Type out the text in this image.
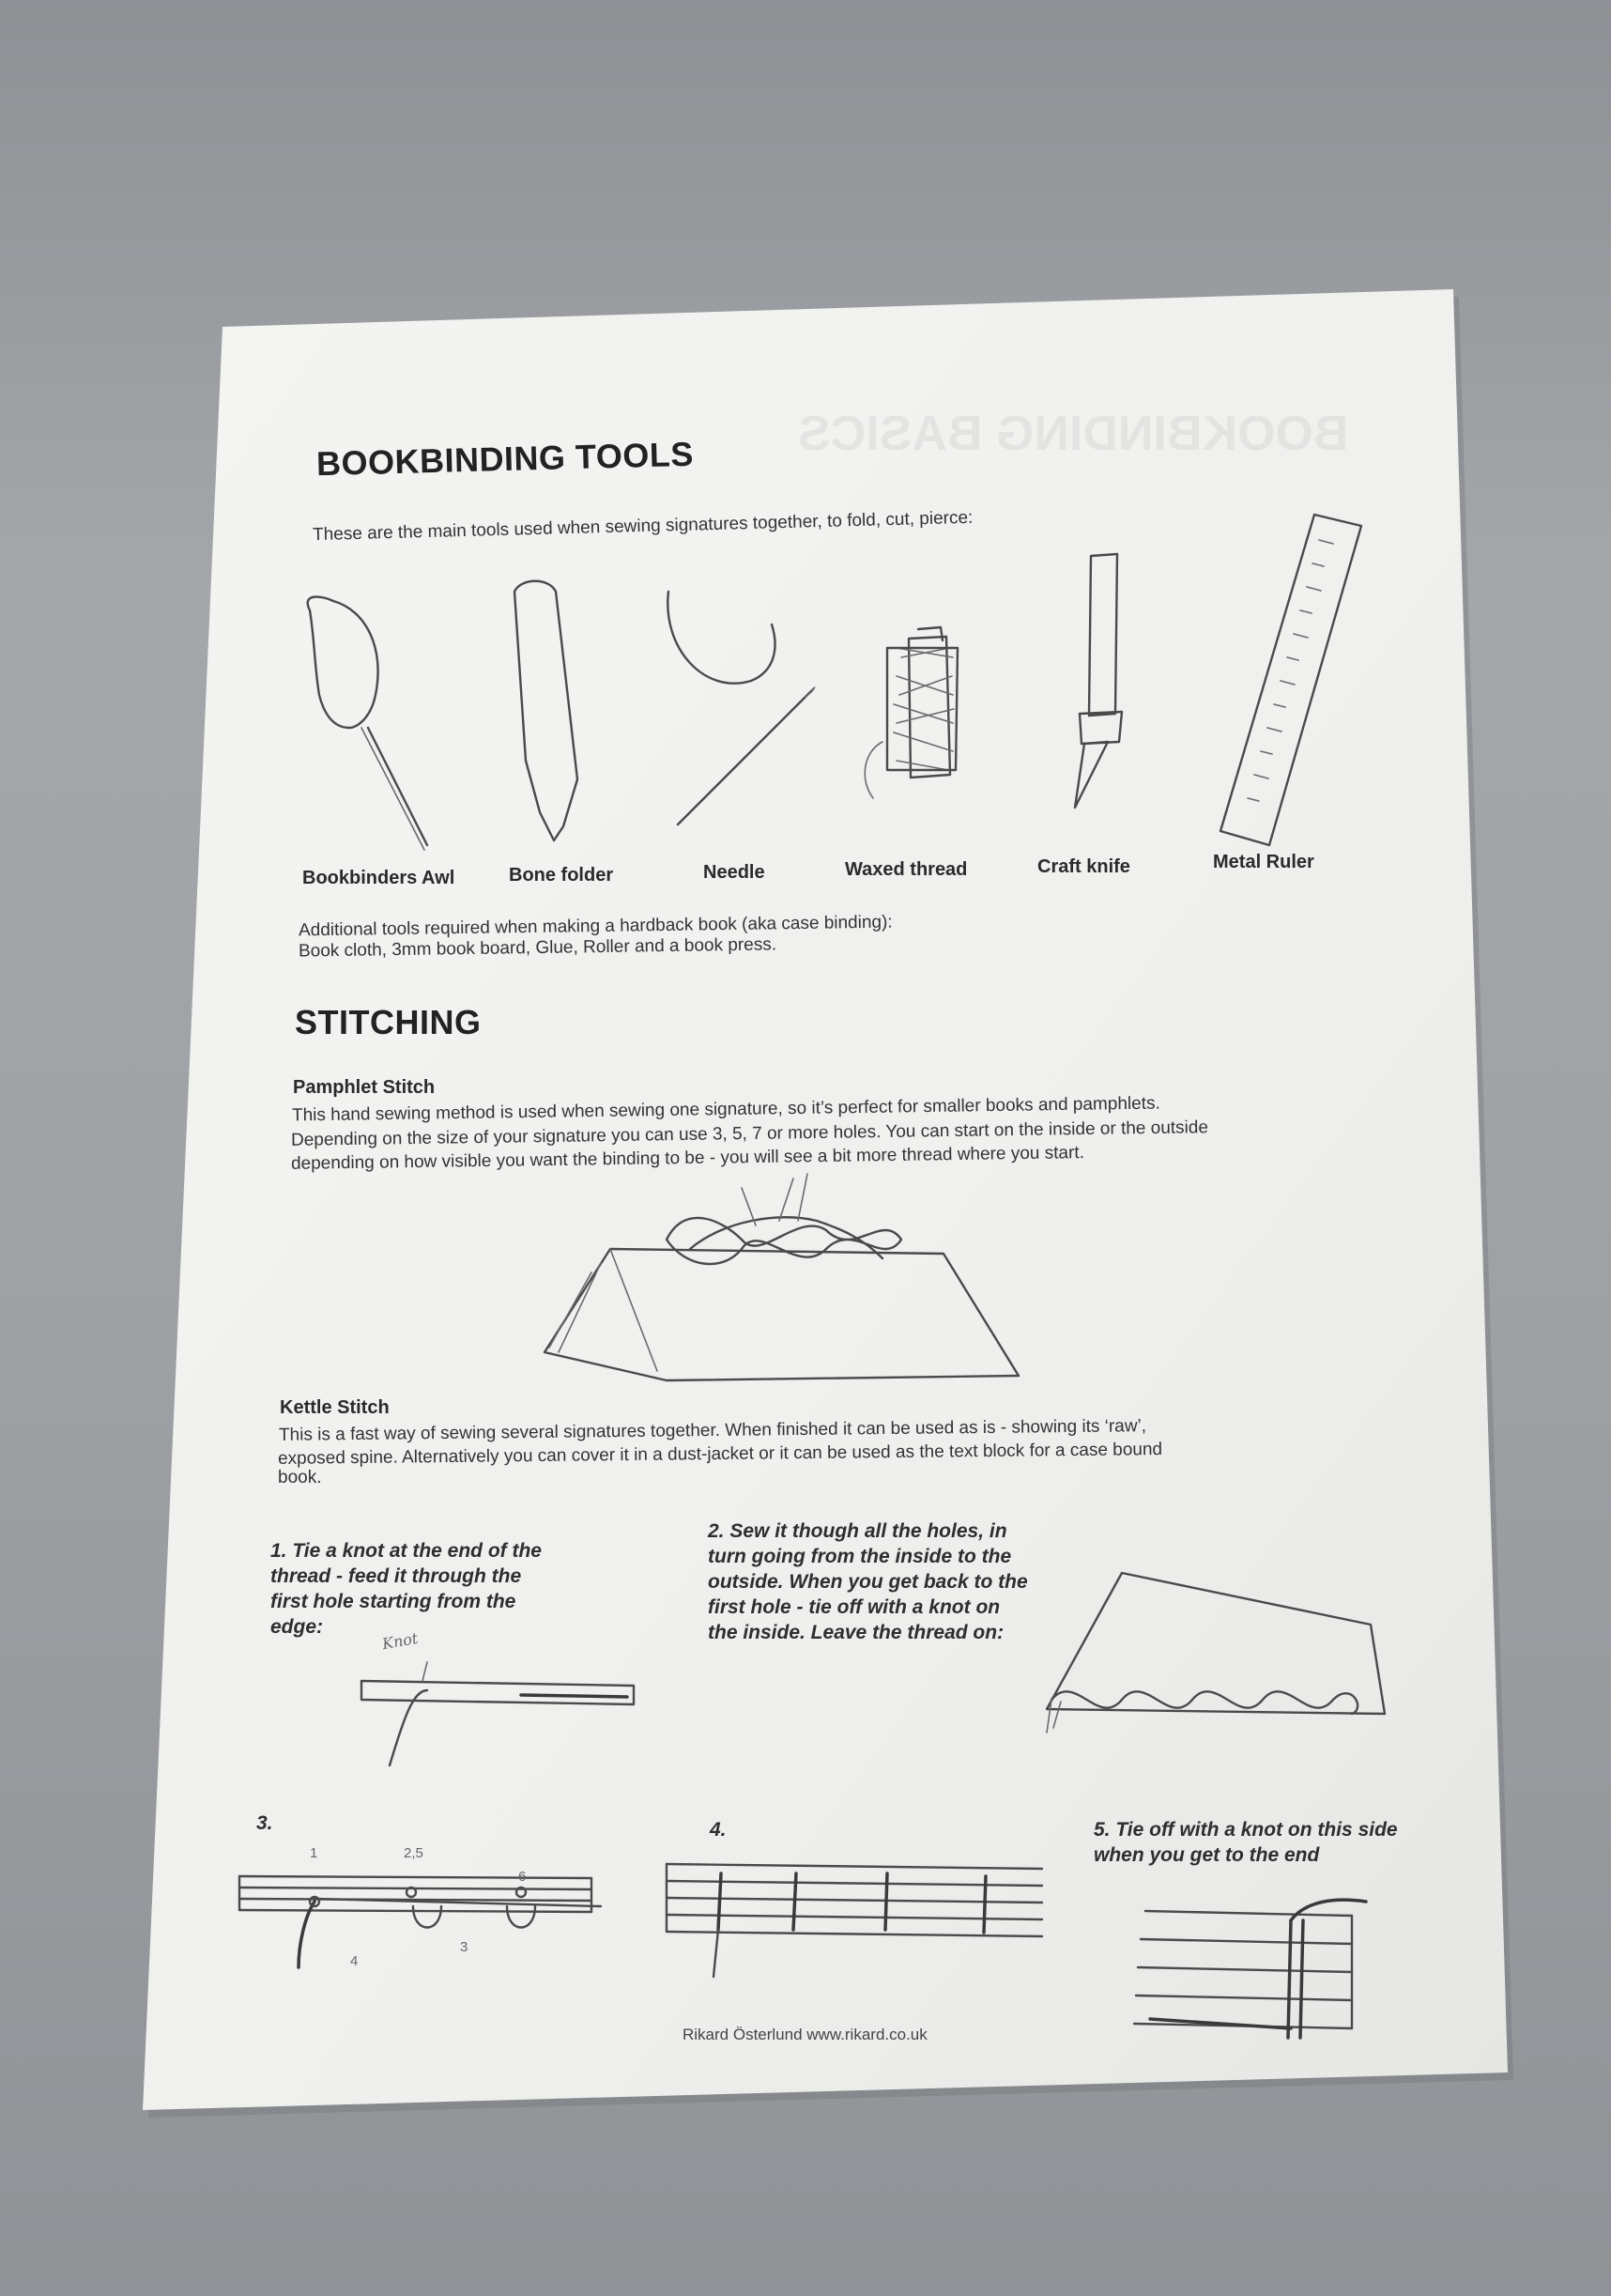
BOOKBINDING BASICS
BOOKBINDING TOOLS
These are the main tools used when sewing signatures together, to fold, cut, pierce:
Bookbinders Awl	Bone folder	Needle	Waxed thread	Craft knife	Metal Ruler
Additional tools required when making a hardback book (aka case binding):
Book cloth, 3mm book board, Glue, Roller and a book press.
STITCHING
Pamphlet Stitch
This hand sewing method is used when sewing one signature, so it’s perfect for smaller books and pamphlets.
Depending on the size of your signature you can use 3, 5, 7 or more holes. You can start on the inside or the outside
depending on how visible you want the binding to be - you will see a bit more thread where you start.
Kettle Stitch
This is a fast way of sewing several signatures together. When finished it can be used as is - showing its ‘raw’,
exposed spine. Alternatively you can cover it in a dust-jacket or it can be used as the text block for a case bound
book.
1. Tie a knot at the end of the thread - feed it through the first hole starting from the edge:
2. Sew it though all the holes, in turn going from the inside to the outside. When you get back to the first hole - tie off with a knot on the inside. Leave the thread on:
3.	4.	5. Tie off with a knot on this side when you get to the end
Knot
1	2,5
6
4
3
Rikard Österlund www.rikard.co.uk
